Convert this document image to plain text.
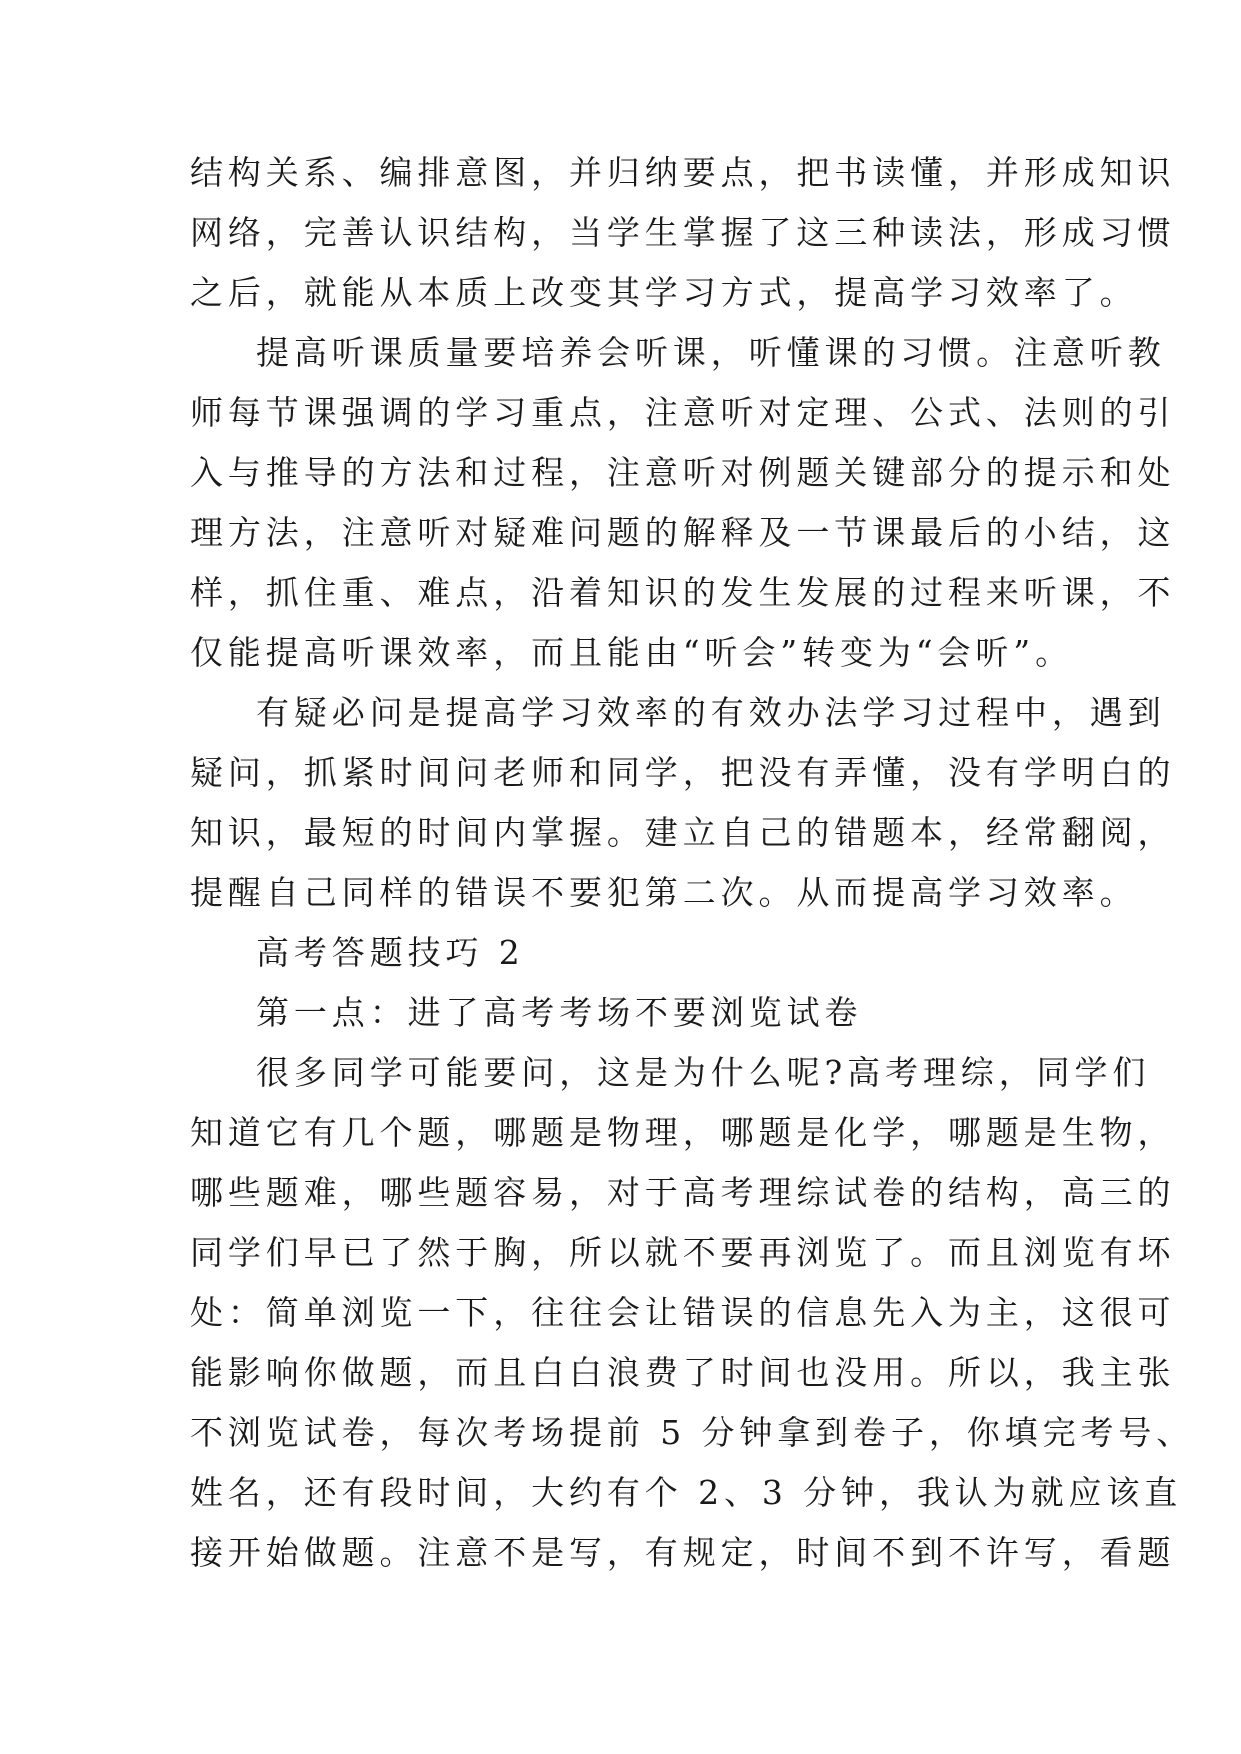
结构关系、编排意图，并归纳要点，把书读懂，并形成知识
网络，完善认识结构，当学生掌握了这三种读法，形成习惯
之后，就能从本质上改变其学习方式，提高学习效率了。
提高听课质量要培养会听课，听懂课的习惯。注意听教
师每节课强调的学习重点，注意听对定理、公式、法则的引
入与推导的方法和过程，注意听对例题关键部分的提示和处
理方法，注意听对疑难问题的解释及一节课最后的小结，这
样，抓住重、难点，沿着知识的发生发展的过程来听课，不
仅能提高听课效率，而且能由“听会”转变为“会听”。
有疑必问是提高学习效率的有效办法学习过程中，遇到
疑问，抓紧时间问老师和同学，把没有弄懂，没有学明白的
知识，最短的时间内掌握。建立自己的错题本，经常翻阅，
提醒自己同样的错误不要犯第二次。从而提高学习效率。
高考答题技巧 2
第一点：进了高考考场不要浏览试卷
很多同学可能要问，这是为什么呢?高考理综，同学们
知道它有几个题，哪题是物理，哪题是化学，哪题是生物，
哪些题难，哪些题容易，对于高考理综试卷的结构，高三的
同学们早已了然于胸，所以就不要再浏览了。而且浏览有坏
处：简单浏览一下，往往会让错误的信息先入为主，这很可
能影响你做题，而且白白浪费了时间也没用。所以，我主张
不浏览试卷，每次考场提前 5 分钟拿到卷子，你填完考号、
姓名，还有段时间，大约有个 2、3 分钟，我认为就应该直
接开始做题。注意不是写，有规定，时间不到不许写，看题
